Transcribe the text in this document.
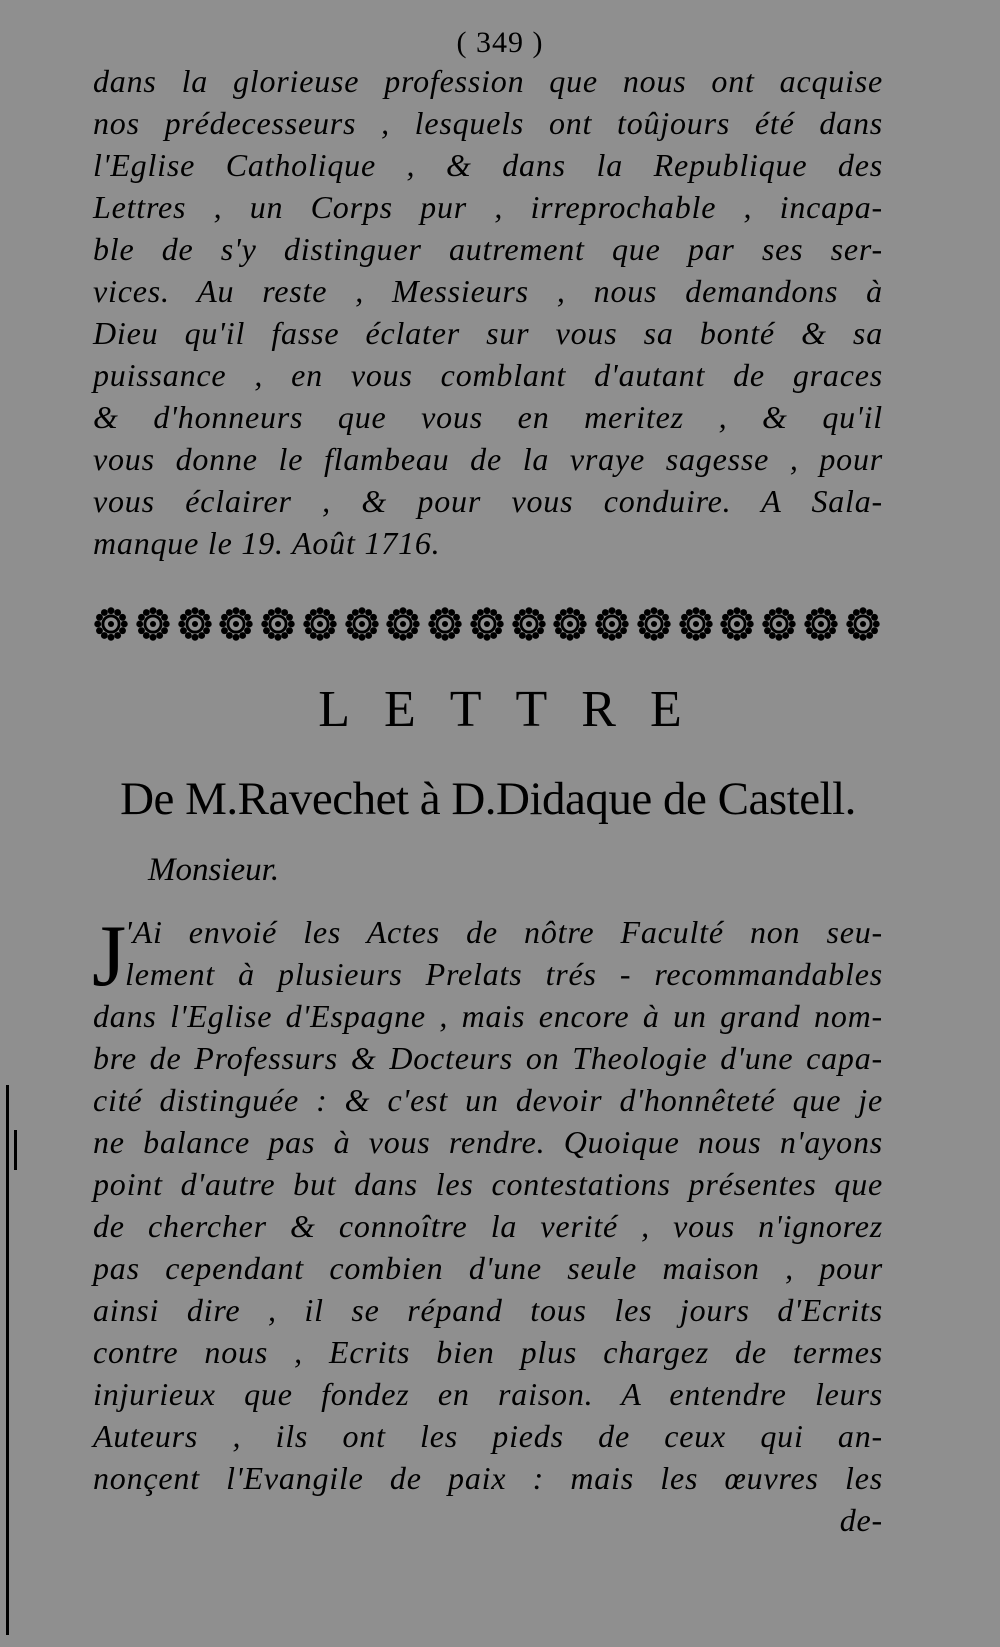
( 349 )
dans la glorieuse profession que nous ont acquise
nos prédecesseurs , lesquels ont toûjours été dans
l'Eglise Catholique , & dans la Republique des
Lettres , un Corps pur , irreprochable , incapa-
ble de s'y distinguer autrement que par ses ser-
vices. Au reste , Messieurs , nous demandons à
Dieu qu'il fasse éclater sur vous sa bonté & sa
puissance , en vous comblant d'autant de graces
& d'honneurs que vous en meritez , & qu'il
vous donne le flambeau de la vraye sagesse , pour
vous éclairer , & pour vous conduire. A Sala-
manque le 19. Août 1716.
LETTRE
De M.Ravechet à D.Didaque de Castell.
Monsieur.
J
'Ai envoié les Actes de nôtre Faculté non seu-
lement à plusieurs Prelats trés - recommandables
dans l'Eglise d'Espagne , mais encore à un grand nom-
bre de Professurs & Docteurs on Theologie d'une capa-
cité distinguée : & c'est un devoir d'honnêteté que je
ne balance pas à vous rendre. Quoique nous n'ayons
point d'autre but dans les contestations présentes que
de chercher & connoître la verité , vous n'ignorez
pas cependant combien d'une seule maison , pour
ainsi dire , il se répand tous les jours d'Ecrits
contre nous , Ecrits bien plus chargez de termes
injurieux que fondez en raison. A entendre leurs
Auteurs , ils ont les pieds de ceux qui an-
nonçent l'Evangile de paix : mais les œuvres les
de-
